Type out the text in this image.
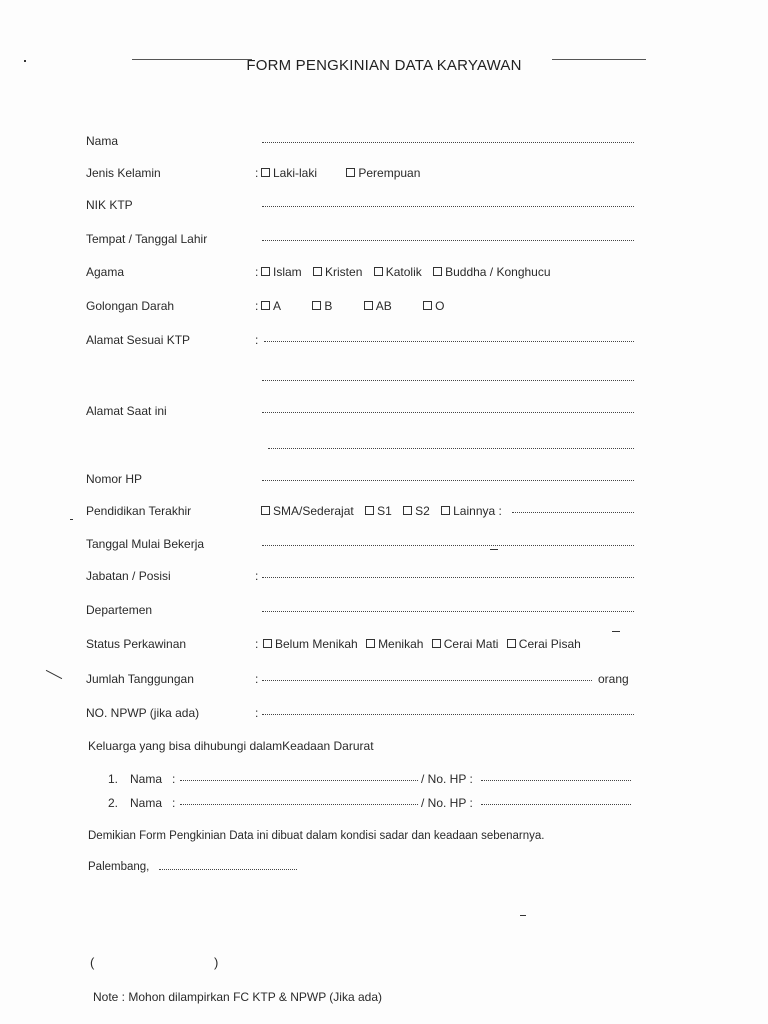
FORM PENGKINIAN DATA KARYAWAN
Nama
Jenis Kelamin	:	Laki-laki	Perempuan
NIK KTP
Tempat / Tanggal Lahir
Agama	:	Islam Kristen Katolik Buddha / Konghucu
Golongan Darah	:	A	B	AB	O
Alamat Sesuai KTP	:
Alamat Saat ini
Nomor HP
Pendidikan Terakhir	SMA/Sederajat S1 S2 Lainnya :
Tanggal Mulai Bekerja
Jabatan / Posisi	:
Departemen
Status Perkawinan	:	Belum Menikah Menikah Cerai Mati Cerai Pisah
Jumlah Tanggungan	:	orang
NO. NPWP (jika ada)	:
Keluarga yang bisa dihubungi dalamKeadaan Darurat
1. Nama :	/ No. HP :
2. Nama :	/ No. HP :
Demikian Form Pengkinian Data ini dibuat dalam kondisi sadar dan keadaan sebenarnya.
Palembang,
(	)
Note : Mohon dilampirkan FC KTP & NPWP (Jika ada)
